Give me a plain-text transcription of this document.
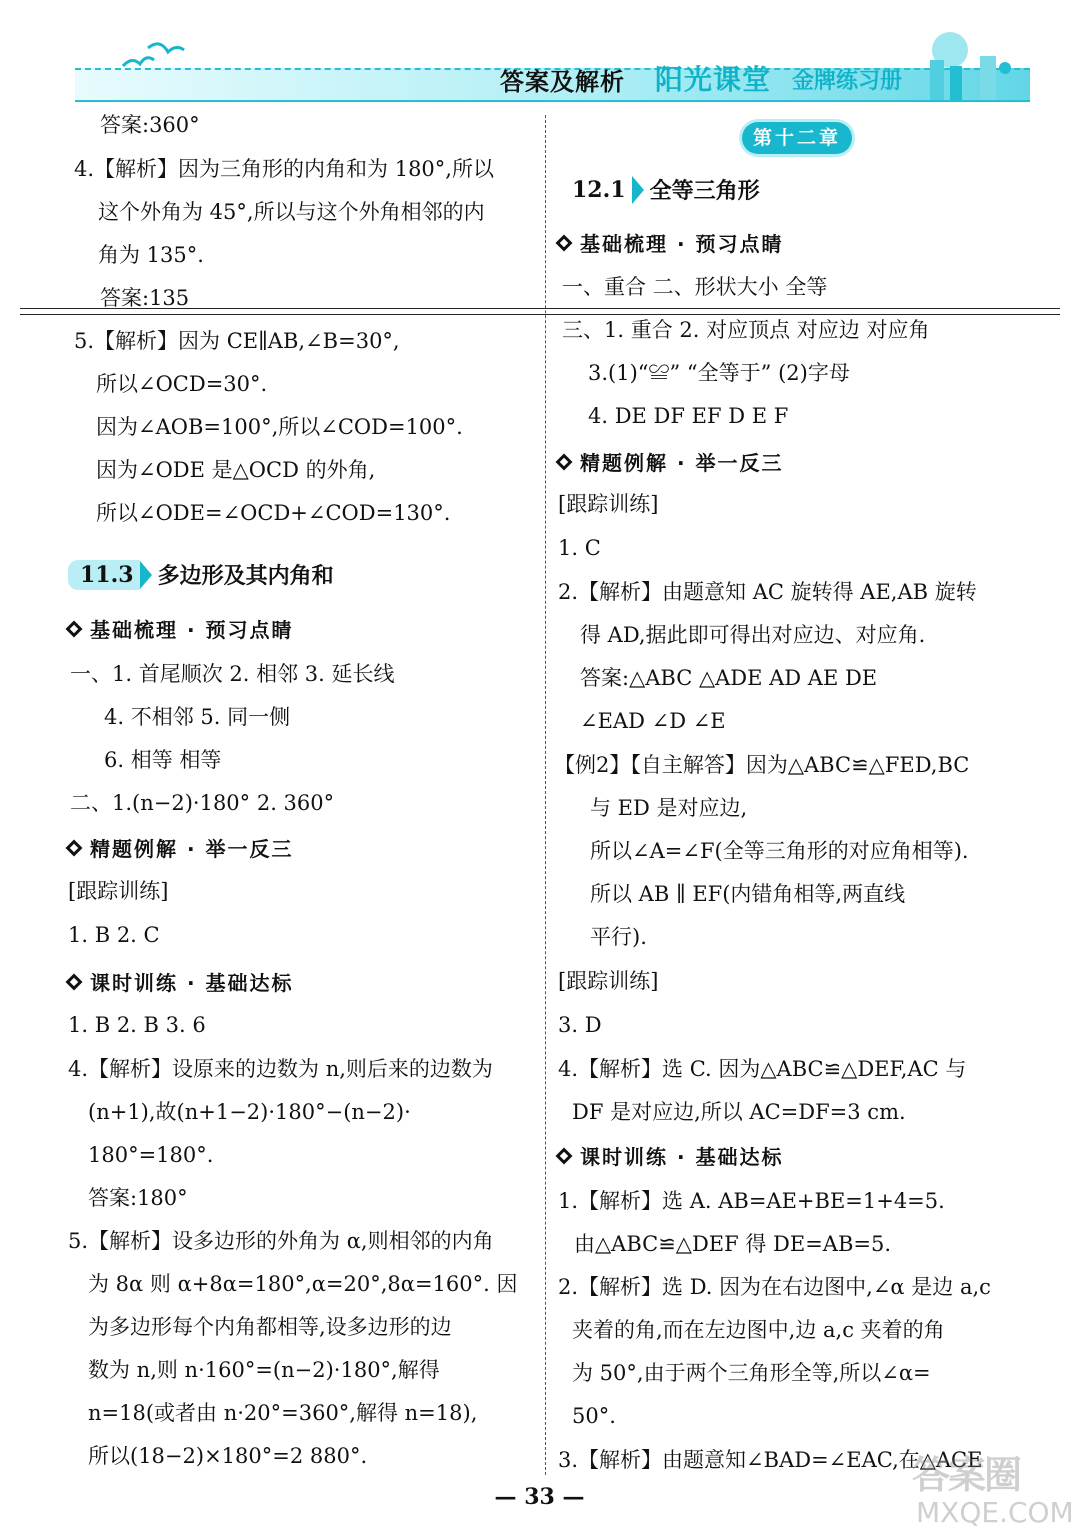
答案及解析 阳光课堂 金牌练习册
11.3 多边形及其内角和
基础梳理 · 预习点睛
精题例解 · 举一反三
课时训练 · 基础达标
答案:360°
4.【解析】因为三角形的内角和为 180°,所以
这个外角为 45°,所以与这个外角相邻的内
角为 135°.
答案:135
5.【解析】因为 CE∥AB,∠B=30°,
所以∠OCD=30°.
因为∠AOB=100°,所以∠COD=100°.
因为∠ODE 是△OCD 的外角,
所以∠ODE=∠OCD+∠COD=130°.
一、1. 首尾顺次 2. 相邻 3. 延长线
4. 不相邻 5. 同一侧
6. 相等 相等
二、1.(n−2)·180° 2. 360°
[跟踪训练]
1. B 2. C
1. B 2. B 3. 6
4.【解析】设原来的边数为 n,则后来的边数为
(n+1),故(n+1−2)·180°−(n−2)·
180°=180°.
答案:180°
5.【解析】设多边形的外角为 α,则相邻的内角
为 8α 则 α+8α=180°,α=20°,8α=160°. 因
为多边形每个内角都相等,设多边形的边
数为 n,则 n·160°=(n−2)·180°,解得
n=18(或者由 n·20°=360°,解得 n=18),
所以(18−2)×180°=2 880°.
第十二章
12.1 全等三角形
基础梳理 · 预习点睛
精题例解 · 举一反三
课时训练 · 基础达标
一、重合 二、形状大小 全等
三、1. 重合 2. 对应顶点 对应边 对应角
3.(1)“≌” “全等于” (2)字母
4. DE DF EF D E F
[跟踪训练]
1. C
2.【解析】由题意知 AC 旋转得 AE,AB 旋转
得 AD,据此即可得出对应边、对应角.
答案:△ABC △ADE AD AE DE
∠EAD ∠D ∠E
【例2】【自主解答】因为△ABC≌△FED,BC
与 ED 是对应边,
所以∠A=∠F(全等三角形的对应角相等).
所以 AB ∥ EF(内错角相等,两直线
平行).
[跟踪训练]
3. D
4.【解析】选 C. 因为△ABC≌△DEF,AC 与
DF 是对应边,所以 AC=DF=3 cm.
1.【解析】选 A. AB=AE+BE=1+4=5.
由△ABC≌△DEF 得 DE=AB=5.
2.【解析】选 D. 因为在右边图中,∠α 是边 a,c
夹着的角,而在左边图中,边 a,c 夹着的角
为 50°,由于两个三角形全等,所以∠α=
50°.
3.【解析】由题意知∠BAD=∠EAC,在△ACE
— 33 —	答案圈
MXQE.COM
